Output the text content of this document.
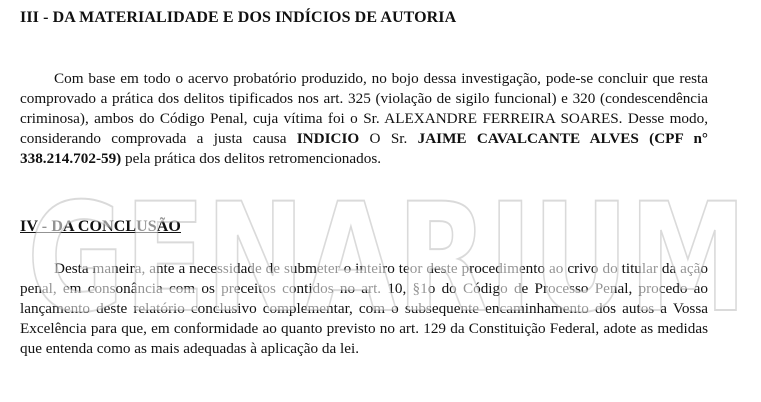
III - DA MATERIALIDADE E DOS INDÍCIOS DE AUTORIA

Com base em todo o acervo probatório produzido, no bojo dessa investigação, pode-se concluir que resta comprovado a prática dos delitos tipificados nos art. 325 (violação de sigilo funcional) e 320 (condescendência criminosa), ambos do Código Penal, cuja vítima foi o Sr. ALEXANDRE FERREIRA SOARES. Desse modo, considerando comprovada a justa causa INDICIO O Sr. JAIME CAVALCANTE ALVES (CPF n° 338.214.702-59) pela prática dos delitos retromencionados.

IV - DA CONCLUSÃO

Desta maneira, ante a necessidade de submeter o inteiro teor deste procedimento ao crivo do titular da ação penal, em consonância com os preceitos contidos no art. 10, §1o do Código de Processo Penal, procedo ao lançamento deste relatório conclusivo complementar, com o subsequente encaminhamento dos autos a Vossa Excelência para que, em conformidade ao quanto previsto no art. 129 da Constituição Federal, adote as medidas que entenda como as mais adequadas à aplicação da lei.

GENARIUM
